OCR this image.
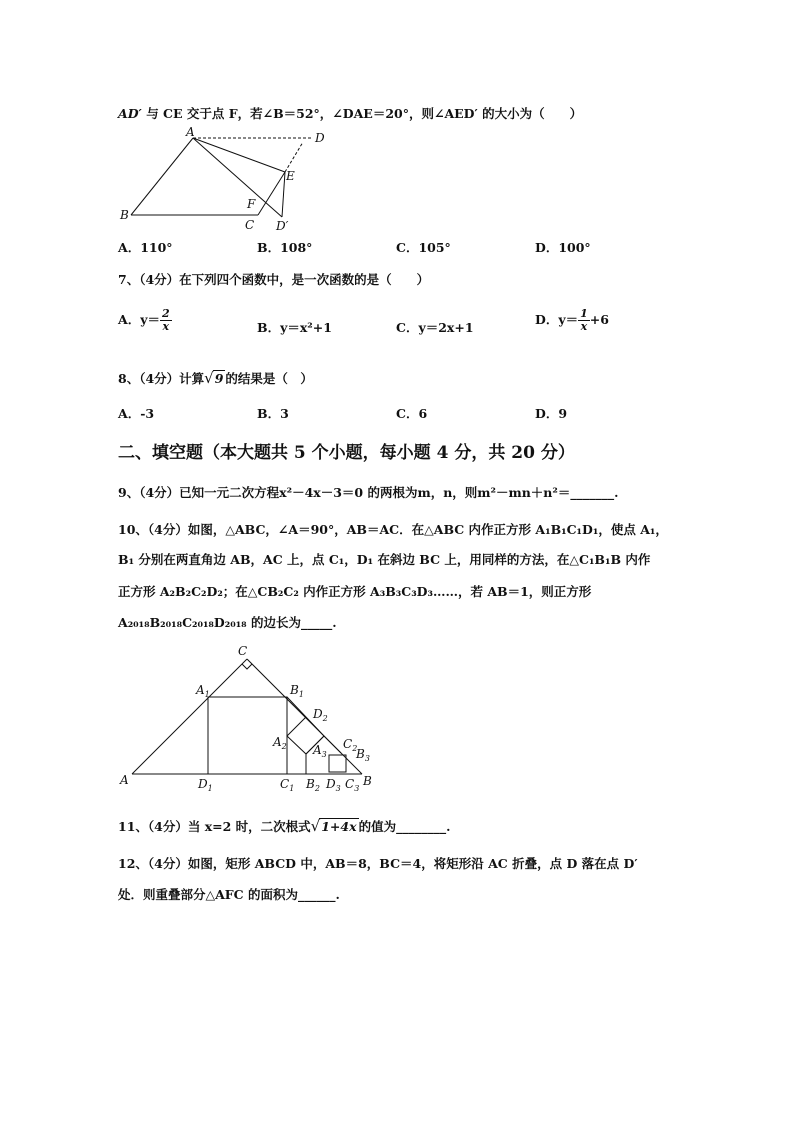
AD′ 与 CE 交于点 F，若∠B＝52°，∠DAE＝20°，则∠AED′ 的大小为（　　）
A
B
C
D
E
F
D′
A．110°	B．108°	C．105°	D．100°
7、（4分）在下列四个函数中，是一次函数的是（　　）
A．$y= \frac{2}{x}$	B．y＝x²+1	C．y＝2x+1
D．$y= \frac{1}{x} +6$
8、（4分）计算√9 的结果是（　）
A．-3	B．3	C．6	D．9
二、填空题（本大题共 5 个小题，每小题 4 分，共 20 分）
9、（4分）已知一元二次方程x²－4x－3＝0 的两根为m，n，则m²－mn＋n²＝_______.
10、（4分）如图，△ABC，∠A＝90°，AB＝AC．在△ABC 内作正方形 A₁B₁C₁D₁，使点 A₁，
B₁ 分别在两直角边 AB，AC 上，点 C₁，D₁ 在斜边 BC 上，用同样的方法，在△C₁B₁B 内作
正方形 A₂B₂C₂D₂；在△CB₂C₂ 内作正方形 A₃B₃C₃D₃……，若 AB＝1，则正方形
A₂₀₁₈B₂₀₁₈C₂₀₁₈D₂₀₁₈ 的边长为_____.
C
$A_1$	$B_1$
$D_2$
$A_2$ $A_3$
$C_2$
$B_3$
A	$D_1$	$C_1$ $B_2$ $D_3$ $C_3$
B
11、（4分）当 x=2 时，二次根式√1+4x 的值为________.
12、（4分）如图，矩形 ABCD 中，AB＝8，BC＝4，将矩形沿 AC 折叠，点 D 落在点 D′
处．则重叠部分△AFC 的面积为______.
